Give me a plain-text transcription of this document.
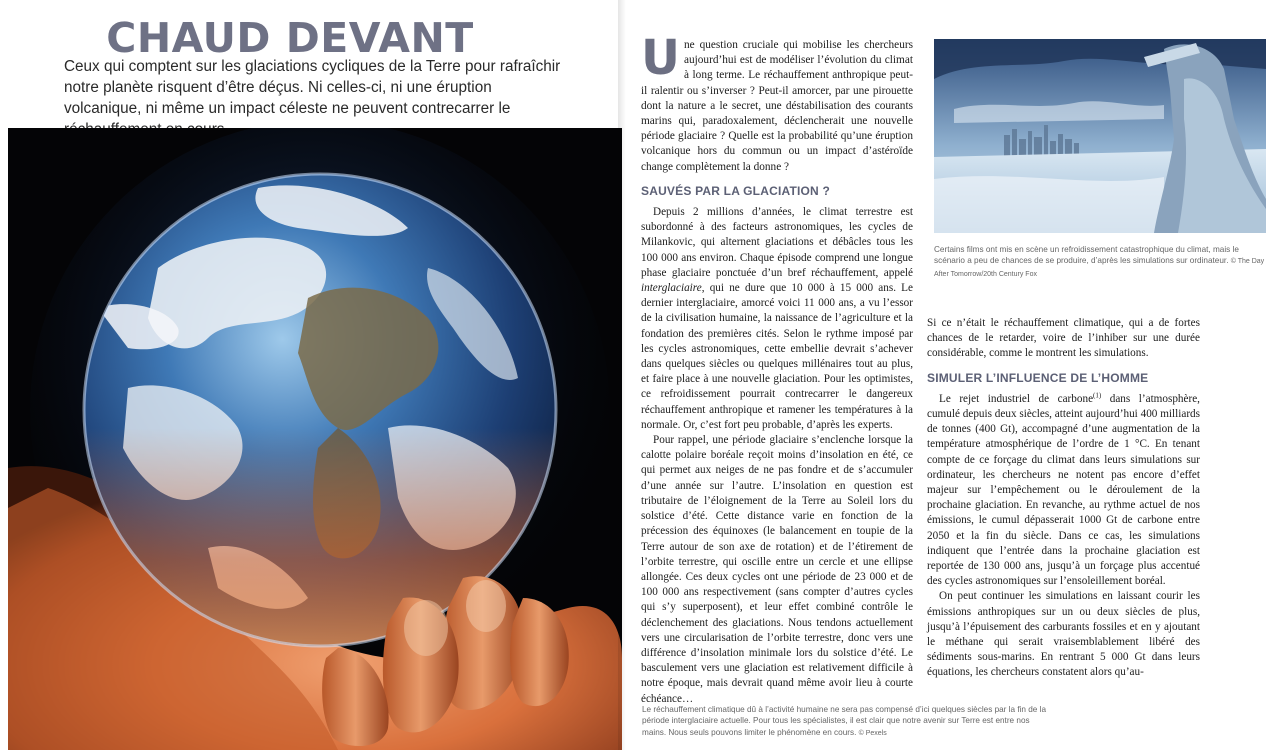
CHAUD DEVANT

Ceux qui comptent sur les glaciations cycliques de la Terre pour rafraîchir notre planète risquent d’être déçus. Ni celles-ci, ni une éruption volcanique, ni même un impact céleste ne peuvent contrecarrer le

Une question cruciale qui mobilise les chercheurs aujourd’hui est de modéliser l’évolution du climat à long terme. Le réchauffement anthropique peut-il ralentir ou s’inverser ? Peut-il amorcer, par une pirouette dont la nature a le secret, une déstabilisation des courants marins qui, paradoxalement, déclencherait une nouvelle période glaciaire ? Quelle est la probabilité qu’une éruption volcanique hors du commun ou un impact d’astéroïde change complètement la donne ?

SAUVÉS PAR LA GLACIATION ?

Depuis 2 millions d’années, le climat terrestre est subordonné à des facteurs astronomiques, les cycles de Milankovic, qui alternent glaciations et débâcles tous les 100 000 ans environ. Chaque épisode comprend une longue phase glaciaire ponctuée d’un bref réchauffement, appelé interglaciaire, qui ne dure que 10 000 à 15 000 ans. Le dernier interglaciaire, amorcé voici 11 000 ans, a vu l’essor de la civilisation humaine, la naissance de l’agriculture et la fondation des premières cités. Selon le rythme imposé par les cycles astronomiques, cette embellie devrait s’achever dans quelques siècles ou quelques millénaires tout au plus, et faire place à une nouvelle glaciation. Pour les optimistes, ce refroidissement pourrait contrecarrer le dangereux réchauffement anthropique et ramener les températures à la normale. Or, c’est fort peu probable, d’après les experts.

Pour rappel, une période glaciaire s’enclenche lorsque la calotte polaire boréale reçoit moins d’insolation en été, ce qui permet aux neiges de ne pas fondre et de s’accumuler d’une année sur l’autre. L’insolation en question est tributaire de l’éloignement de la Terre au Soleil lors du solstice d’été. Cette distance varie en fonction de la précession des équinoxes (le balancement en toupie de la Terre autour de son axe de rotation) et de l’étirement de l’orbite terrestre, qui oscille entre un cercle et une ellipse allongée. Ces deux cycles ont une période de 23 000 et de 100 000 ans respectivement (sans compter d’autres cycles qui s’y superposent), et leur effet combiné contrôle le déclenchement des glaciations. Nous tendons actuellement vers une circularisation de l’orbite terrestre, donc vers une différence d’insolation minimale lors du solstice d’été. Le basculement vers une glaciation est relativement difficile à notre époque, mais devrait quand même avoir lieu à courte échéance…

Certains films ont mis en scène un refroidissement catastrophique du climat, mais le scénario a peu de chances de se produire, d’après les simulations sur ordinateur. © The Day After Tomorrow/20th Century Fox

Si ce n’était le réchauffement climatique, qui a de fortes chances de le retarder, voire de l’inhiber sur une durée considérable, comme le montrent les simulations.

SIMULER L’INFLUENCE DE L’HOMME

Le rejet industriel de carbone$^{(1)}$ dans l’atmosphère, cumulé depuis deux siècles, atteint aujourd’hui 400 milliards de tonnes (400 Gt), accompagné d’une augmentation de la température atmosphérique de l’ordre de 1 °C. En tenant compte de ce forçage du climat dans leurs simulations sur ordinateur, les chercheurs ne notent pas encore d’effet majeur sur l’empêchement ou le déroulement de la prochaine glaciation. En revanche, au rythme actuel de nos émissions, le cumul dépasserait 1000 Gt de carbone entre 2050 et la fin du siècle. Dans ce cas, les simulations indiquent que l’entrée dans la prochaine glaciation est reportée de 130 000 ans, jusqu’à un forçage plus accentué des cycles astronomiques sur l’ensoleillement boréal.

On peut continuer les simulations en laissant courir les émissions anthropiques sur un ou deux siècles de plus, jusqu’à l’épuisement des carburants fossiles et en y ajoutant le méthane qui serait vraisemblablement libéré des sédiments sous-marins. En rentrant 5 000 Gt dans leurs équations, les chercheurs constatent alors qu’au-

Le réchauffement climatique dû à l’activité humaine ne sera pas compensé d’ici quelques siècles par la fin de la période interglaciaire actuelle. Pour tous les spécialistes, il est clair que notre avenir sur Terre est entre nos mains. Nous seuls pouvons limiter le phénomène en cours. © Pexels
